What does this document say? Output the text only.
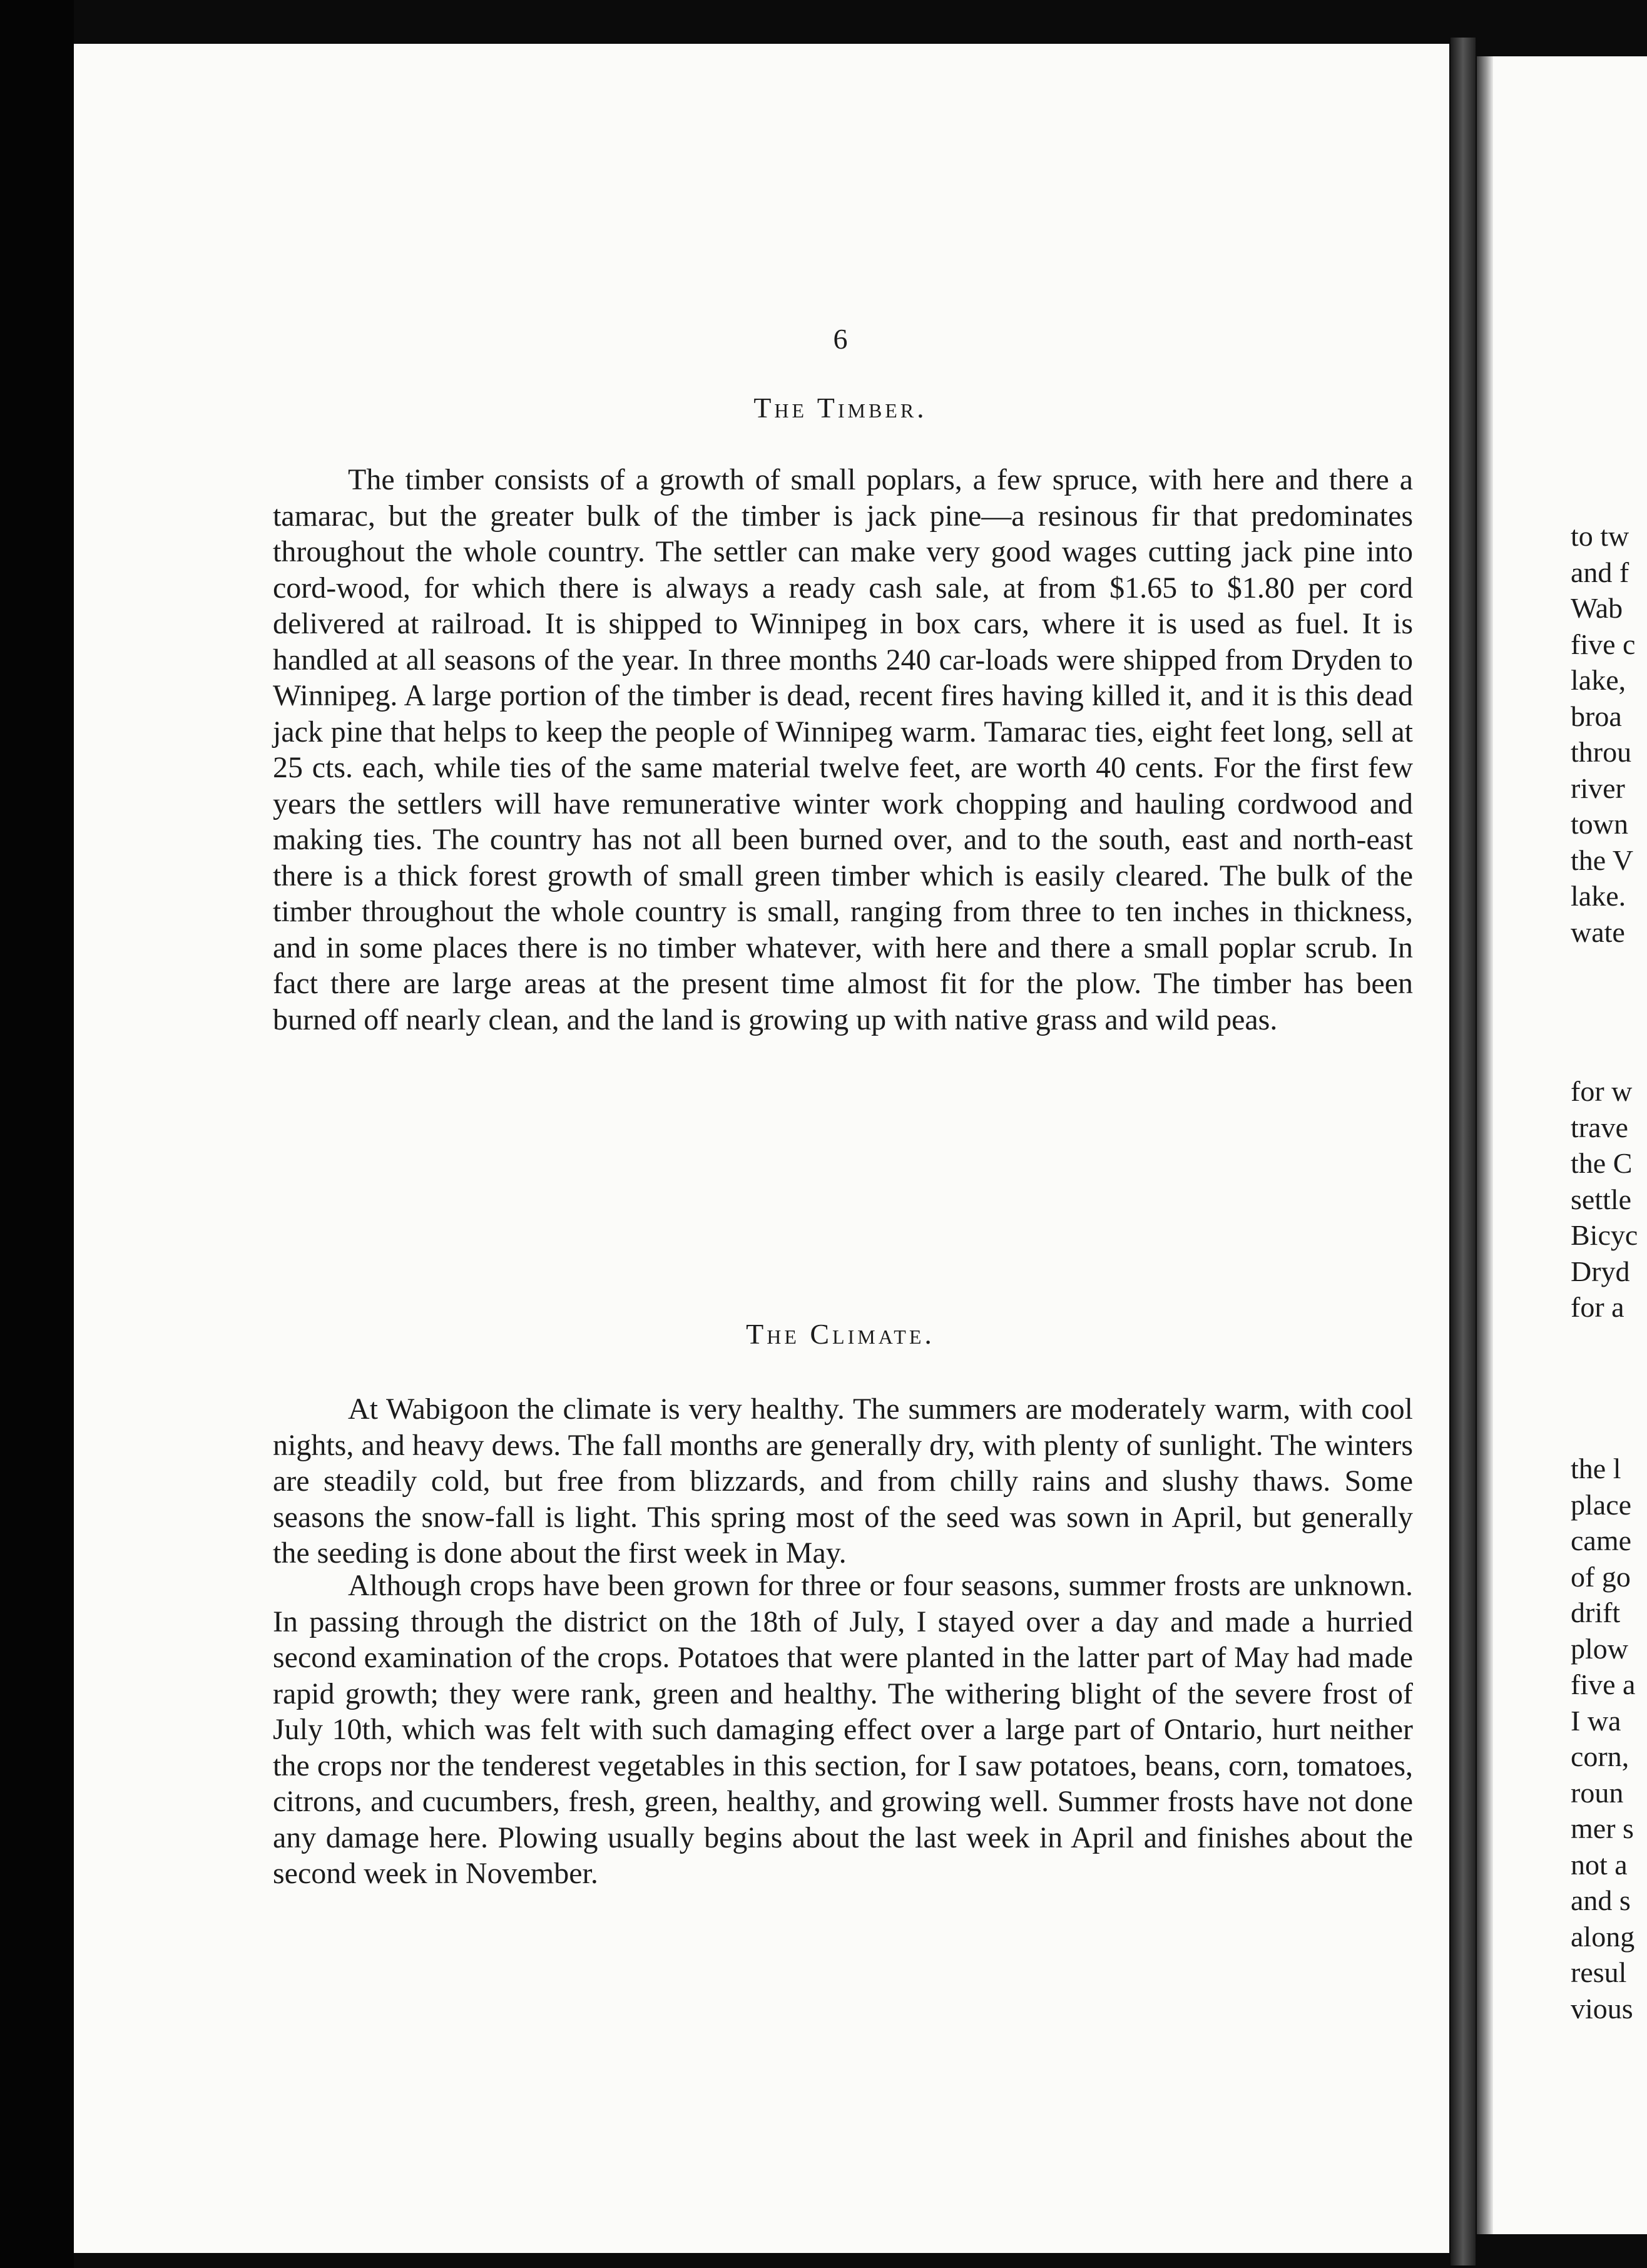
6
The Timber.

The timber consists of a growth of small poplars, a few spruce, with here and there a tamarac, but the greater bulk of the timber is jack pine—a resinous fir that predominates throughout the whole country. The settler can make very good wages cutting jack pine into cord-wood, for which there is always a ready cash sale, at from $1.65 to $1.80 per cord delivered at railroad. It is shipped to Winnipeg in box cars, where it is used as fuel. It is handled at all seasons of the year. In three months 240 car-loads were shipped from Dryden to Winnipeg. A large portion of the timber is dead, recent fires having killed it, and it is this dead jack pine that helps to keep the people of Winnipeg warm. Tamarac ties, eight feet long, sell at 25 cts. each, while ties of the same material twelve feet, are worth 40 cents. For the first few years the settlers will have remunerative winter work chopping and hauling cordwood and making ties. The country has not all been burned over, and to the south, east and north-east there is a thick forest growth of small green timber which is easily cleared. The bulk of the timber throughout the whole country is small, ranging from three to ten inches in thickness, and in some places there is no timber whatever, with here and there a small poplar scrub. In fact there are large areas at the present time almost fit for the plow. The timber has been burned off nearly clean, and the land is growing up with native grass and wild peas.

The Climate.

At Wabigoon the climate is very healthy. The summers are moderately warm, with cool nights, and heavy dews. The fall months are generally dry, with plenty of sunlight. The winters are steadily cold, but free from blizzards, and from chilly rains and slushy thaws. Some seasons the snow-fall is light. This spring most of the seed was sown in April, but generally the seeding is done about the first week in May.

Although crops have been grown for three or four seasons, summer frosts are unknown. In passing through the district on the 18th of July, I stayed over a day and made a hurried second examination of the crops. Potatoes that were planted in the latter part of May had made rapid growth; they were rank, green and healthy. The withering blight of the severe frost of July 10th, which was felt with such damaging effect over a large part of Ontario, hurt neither the crops nor the tenderest vegetables in this section, for I saw potatoes, beans, corn, tomatoes, citrons, and cucumbers, fresh, green, healthy, and growing well. Summer frosts have not done any damage here. Plowing usually begins about the last week in April and finishes about the second week in November.

to tw
and f
Wab
five c
lake,
broa
throu
river
town
the V
lake.
wate
for w
trave
the C
settle
Bicyc
Dryd
for a
the l
place
came
of go
drift
plow
five a
I wa
corn,
roun
mer s
not a
and s
along
resul
vious
